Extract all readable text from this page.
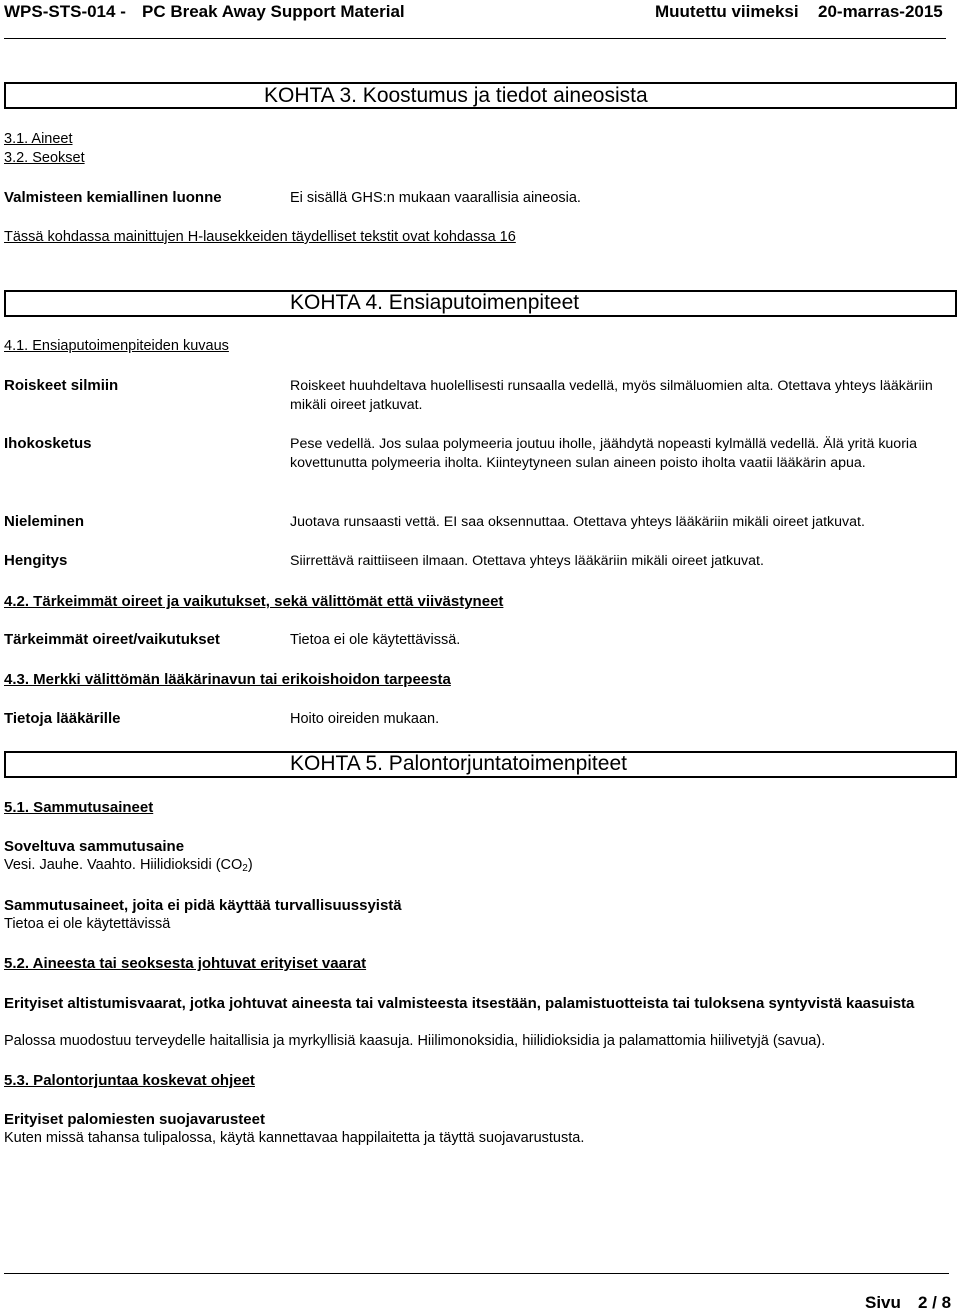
WPS-STS-014 - PC Break Away Support Material	Muutettu viimeksi 20-marras-2015
KOHTA 3. Koostumus ja tiedot aineosista
3.1. Aineet
3.2. Seokset
Valmisteen kemiallinen luonne	Ei sisällä GHS:n mukaan vaarallisia aineosia.
Tässä kohdassa mainittujen H-lausekkeiden täydelliset tekstit ovat kohdassa 16
KOHTA 4. Ensiaputoimenpiteet
4.1. Ensiaputoimenpiteiden kuvaus
Roiskeet silmiin	Roiskeet huuhdeltava huolellisesti runsaalla vedellä, myös silmäluomien alta. Otettava yhteys lääkäriin mikäli oireet jatkuvat.
Ihokosketus	Pese vedellä. Jos sulaa polymeeria joutuu iholle, jäähdytä nopeasti kylmällä vedellä. Älä yritä kuoria kovettunutta polymeeria iholta. Kiinteytyneen sulan aineen poisto iholta vaatii lääkärin apua.
Nieleminen	Juotava runsaasti vettä. EI saa oksennuttaa. Otettava yhteys lääkäriin mikäli oireet jatkuvat.
Hengitys	Siirrettävä raittiiseen ilmaan. Otettava yhteys lääkäriin mikäli oireet jatkuvat.
4.2. Tärkeimmät oireet ja vaikutukset, sekä välittömät että viivästyneet
Tärkeimmät oireet/vaikutukset	Tietoa ei ole käytettävissä.
4.3. Merkki välittömän lääkärinavun tai erikoishoidon tarpeesta
Tietoja lääkärille	Hoito oireiden mukaan.
KOHTA 5. Palontorjuntatoimenpiteet
5.1. Sammutusaineet
Soveltuva sammutusaine
Vesi. Jauhe. Vaahto. Hiilidioksidi $(CO_2)$
Sammutusaineet, joita ei pidä käyttää turvallisuussyistä
Tietoa ei ole käytettävissä
5.2. Aineesta tai seoksesta johtuvat erityiset vaarat
Erityiset altistumisvaarat, jotka johtuvat aineesta tai valmisteesta itsestään, palamistuotteista tai tuloksena syntyvistä kaasuista
Palossa muodostuu terveydelle haitallisia ja myrkyllisiä kaasuja. Hiilimonoksidia, hiilidioksidia ja palamattomia hiilivetyjä (savua).
5.3. Palontorjuntaa koskevat ohjeet
Erityiset palomiesten suojavarusteet
Kuten missä tahansa tulipalossa, käytä kannettavaa happilaitetta ja täyttä suojavarustusta.
Sivu 2 / 8
